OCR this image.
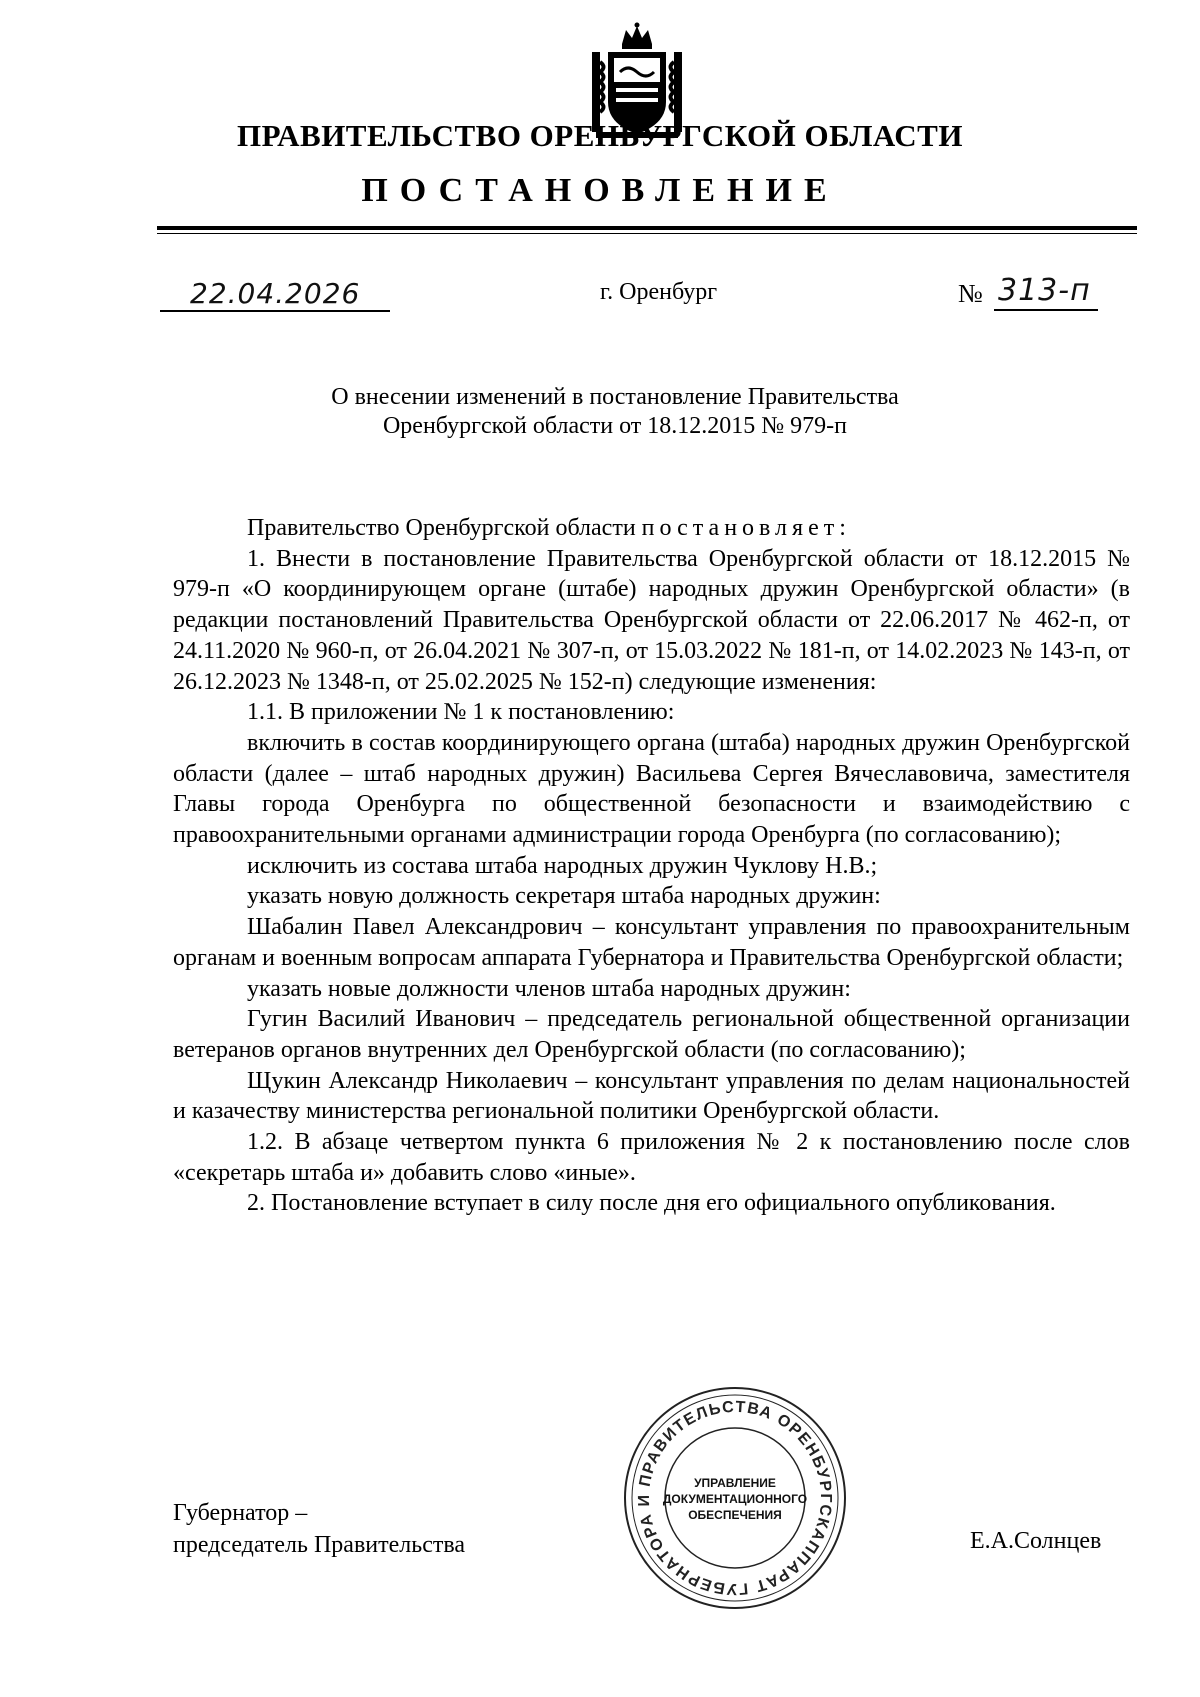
ПРАВИТЕЛЬСТВО ОРЕНБУРГСКОЙ ОБЛАСТИ
ПОСТАНОВЛЕНИЕ
22.04.2026	г. Оренбург	№ 313-п
О внесении изменений в постановление Правительства
Оренбургской области от 18.12.2015 № 979-п

Правительство Оренбургской области постановляет:

1. Внести в постановление Правительства Оренбургской области от 18.12.2015 № 979-п «О координирующем органе (штабе) народных дружин Оренбургской области» (в редакции постановлений Правительства Оренбургской области от 22.06.2017 № 462-п, от 24.11.2020 № 960-п, от 26.04.2021 № 307-п, от 15.03.2022 № 181-п, от 14.02.2023 № 143-п, от 26.12.2023 № 1348-п, от 25.02.2025 № 152-п) следующие изменения:

1.1. В приложении № 1 к постановлению:

включить в состав координирующего органа (штаба) народных дружин Оренбургской области (далее – штаб народных дружин) Васильева Сергея Вячеславовича, заместителя Главы города Оренбурга по общественной безопасности и взаимодействию с правоохранительными органами администрации города Оренбурга (по согласованию);

исключить из состава штаба народных дружин Чуклову Н.В.;

указать новую должность секретаря штаба народных дружин:

Шабалин Павел Александрович – консультант управления по правоохранительным органам и военным вопросам аппарата Губернатора и Правительства Оренбургской области;

указать новые должности членов штаба народных дружин:

Гугин Василий Иванович – председатель региональной общественной организации ветеранов органов внутренних дел Оренбургской области (по согласованию);

Щукин Александр Николаевич – консультант управления по делам национальностей и казачеству министерства региональной политики Оренбургской области.

1.2. В абзаце четвертом пункта 6 приложения № 2 к постановлению после слов «секретарь штаба и» добавить слово «иные».

2. Постановление вступает в силу после дня его официального опубликования.

Губернатор –
председатель Правительства	Е.А.Солнцев
АППАРАТ ГУБЕРНАТОРА И ПРАВИТЕЛЬСТВА ОРЕНБУРГСКОЙ
УПРАВЛЕНИЕ
ДОКУМЕНТАЦИОННОГО
ОБЕСПЕЧЕНИЯ
